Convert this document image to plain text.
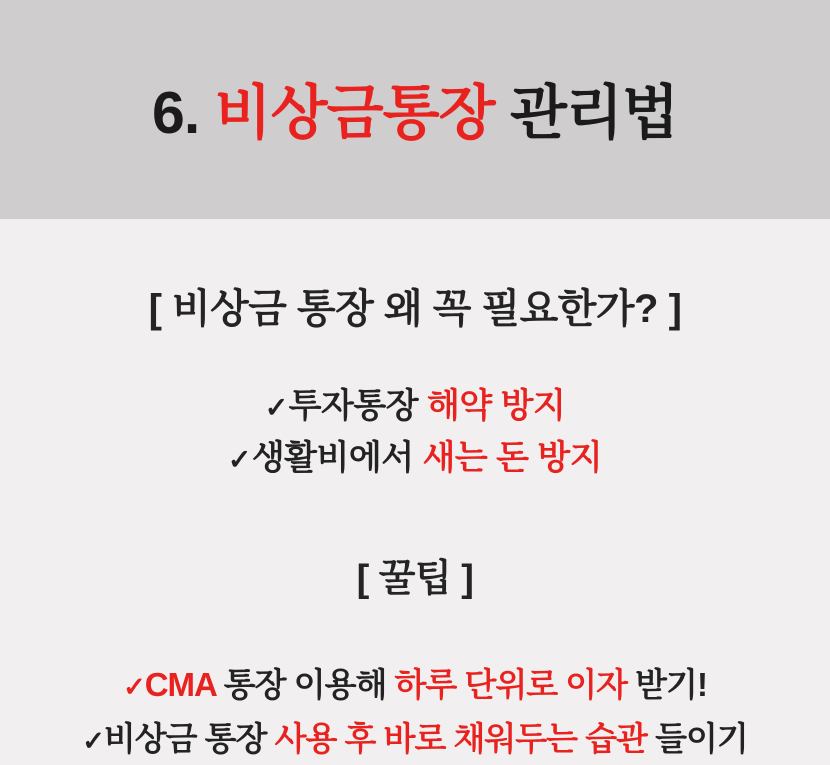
6. 비상금통장 관리법
[ 비상금 통장 왜 꼭 필요한가? ]
✓투자통장 해약 방지
✓생활비에서 새는 돈 방지
[ 꿀팁 ]
✓CMA 통장 이용해 하루 단위로 이자 받기!
✓비상금 통장 사용 후 바로 채워두는 습관 들이기
